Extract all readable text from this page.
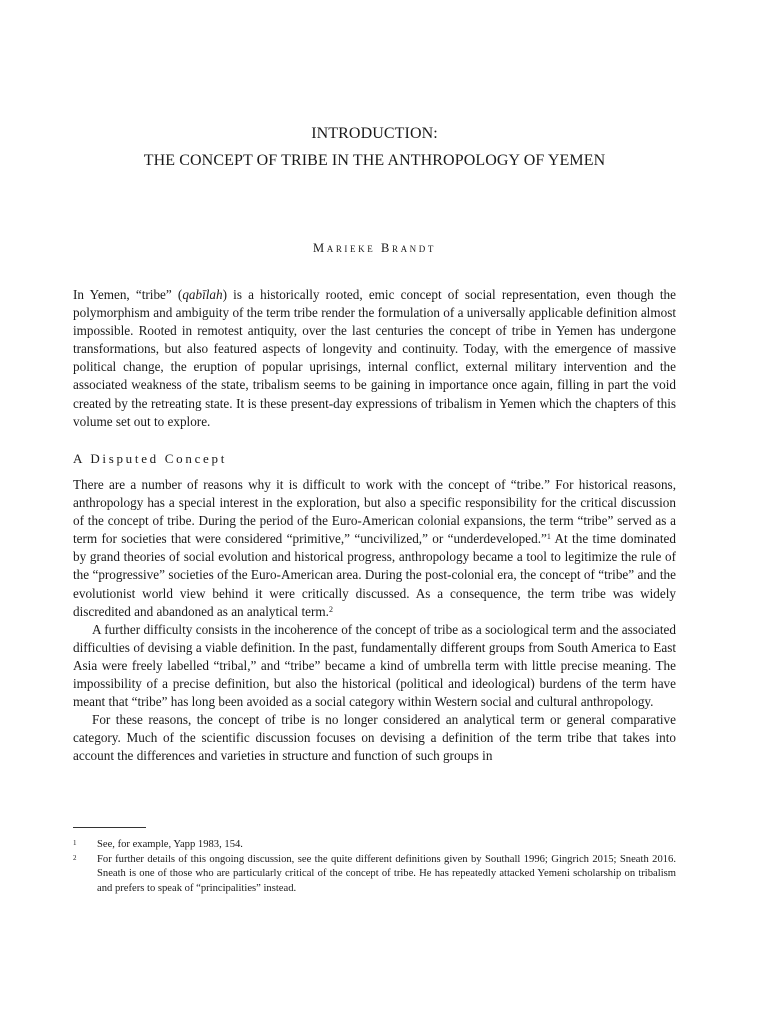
INTRODUCTION:
THE CONCEPT OF TRIBE IN THE ANTHROPOLOGY OF YEMEN
Marieke Brandt

In Yemen, “tribe” (qabīlah) is a historically rooted, emic concept of social representation, even though the polymorphism and ambiguity of the term tribe render the formulation of a universally applicable definition almost impossible. Rooted in remotest antiquity, over the last centuries the concept of tribe in Yemen has undergone transformations, but also featured aspects of longevity and continuity. Today, with the emergence of massive political change, the eruption of popular uprisings, internal conflict, external military intervention and the associated weakness of the state, tribalism seems to be gaining in importance once again, filling in part the void created by the retreating state. It is these present-day expressions of tribalism in Yemen which the chapters of this volume set out to explore.

A Disputed Concept

There are a number of reasons why it is difficult to work with the concept of “tribe.” For historical reasons, anthropology has a special interest in the exploration, but also a specific responsibility for the critical discussion of the concept of tribe. During the period of the Euro-American colonial expansions, the term “tribe” served as a term for societies that were considered “primitive,” “uncivilized,” or “underdeveloped.”$^1$ At the time dominated by grand theories of social evolution and historical progress, anthropology became a tool to legitimize the rule of the “progressive” societies of the Euro-American area. During the post-colonial era, the concept of “tribe” and the evolutionist world view behind it were critically discussed. As a consequence, the term tribe was widely discredited and abandoned as an analytical term.$^2$

A further difficulty consists in the incoherence of the concept of tribe as a sociological term and the associated difficulties of devising a viable definition. In the past, fundamentally different groups from South America to East Asia were freely labelled “tribal,” and “tribe” became a kind of umbrella term with little precise meaning. The impossibility of a precise definition, but also the historical (political and ideological) burdens of the term have meant that “tribe” has long been avoided as a social category within Western social and cultural anthropology.

For these reasons, the concept of tribe is no longer considered an analytical term or general comparative category. Much of the scientific discussion focuses on devising a definition of the term tribe that takes into account the differences and varieties in structure and function of such groups in

1	See, for example, Yapp 1983, 154.

2	For further details of this ongoing discussion, see the quite different definitions given by Southall 1996; Gingrich 2015; Sneath 2016. Sneath is one of those who are particularly critical of the concept of tribe. He has repeatedly attacked Yemeni scholarship on tribalism and prefers to speak of “principalities” instead.
